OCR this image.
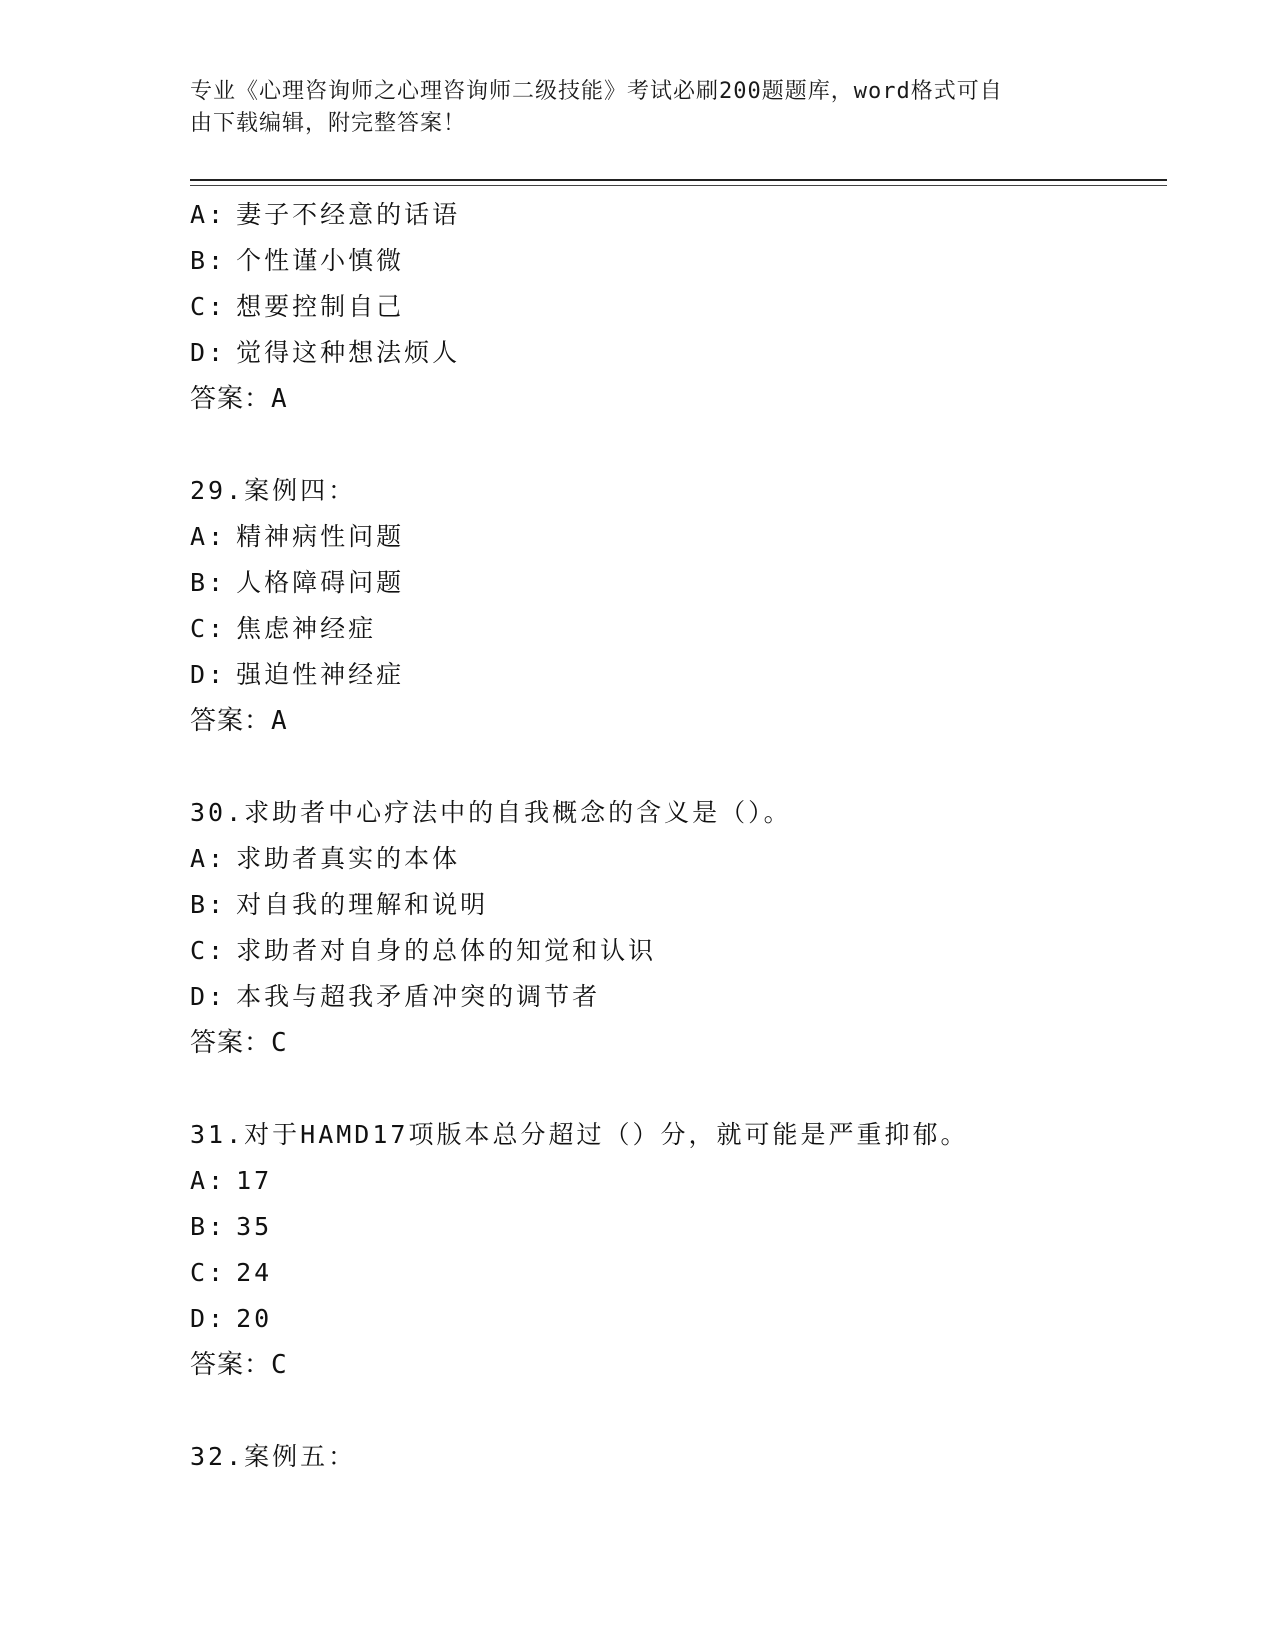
专业《心理咨询师之心理咨询师二级技能》考试必刷200题题库，word格式可自
由下载编辑，附完整答案！
A: 妻子不经意的话语
B: 个性谨小慎微
C: 想要控制自己
D: 觉得这种想法烦人
答案：A
29.案例四：
A: 精神病性问题
B: 人格障碍问题
C: 焦虑神经症
D: 强迫性神经症
答案：A
30.求助者中心疗法中的自我概念的含义是（）。
A: 求助者真实的本体
B: 对自我的理解和说明
C: 求助者对自身的总体的知觉和认识
D: 本我与超我矛盾冲突的调节者
答案：C
31.对于HAMD17项版本总分超过（）分，就可能是严重抑郁。
A: 17
B: 35
C: 24
D: 20
答案：C
32.案例五：
